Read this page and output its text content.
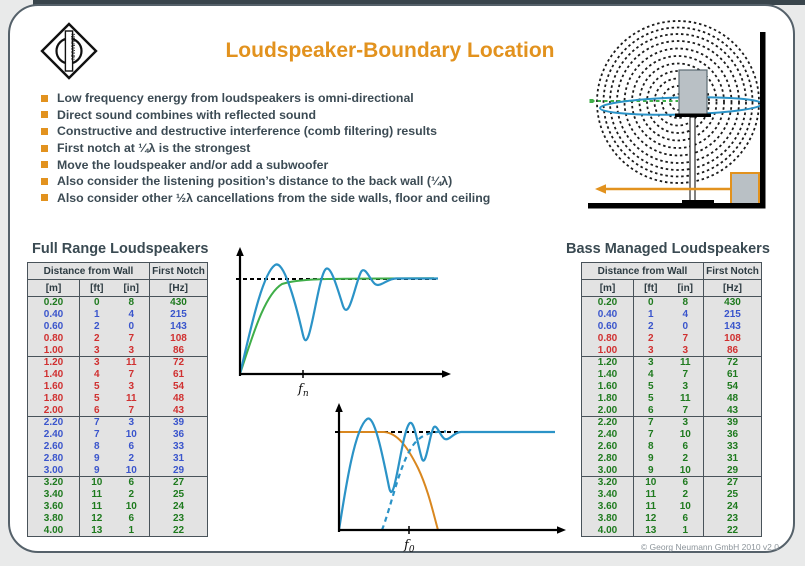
NEUMANN	Loudspeaker-Boundary Location
Low frequency energy from loudspeakers is omni-directional
Direct sound combines with reflected sound
Constructive and destructive interference (comb filtering) results
First notch at ¼λ is the strongest
Move the loudspeaker and/or add a subwoofer
Also consider the listening position’s distance to the back wall (¼λ)
Also consider other ½λ cancellations from the side walls, floor and ceiling
Full Range Loudspeakers	Bass Managed Loudspeakers
Distance from Wall			First Notch
[m]	[ft]	[in]	[Hz]
0.20	0	8	430
0.40	1	4	215
0.60	2	0	143
0.80	2	7	108
1.00	3	3	86
1.20	3	11	72
1.40	4	7	61
1.60	5	3	54
1.80	5	11	48
2.00	6	7	43
2.20	7	3	39
2.40	7	10	36
2.60	8	6	33
2.80	9	2	31
3.00	9	10	29
3.20	10	6	27
3.40	11	2	25
3.60	11	10	24
3.80	12	6	23
4.00	13	1	22
Distance from Wall			First Notch
[m]	[ft]	[in]	[Hz]
0.20	0	8	430
0.40	1	4	215
0.60	2	0	143
0.80	2	7	108
1.00	3	3	86
1.20	3	11	72
1.40	4	7	61
1.60	5	3	54
1.80	5	11	48
2.00	6	7	43
2.20	7	3	39
2.40	7	10	36
2.60	8	6	33
2.80	9	2	31
3.00	9	10	29
3.20	10	6	27
3.40	11	2	25
3.60	11	10	24
3.80	12	6	23
4.00	13	1	22
$f_n$
$f_0$	© Georg Neumann GmbH 2010 v2.0
